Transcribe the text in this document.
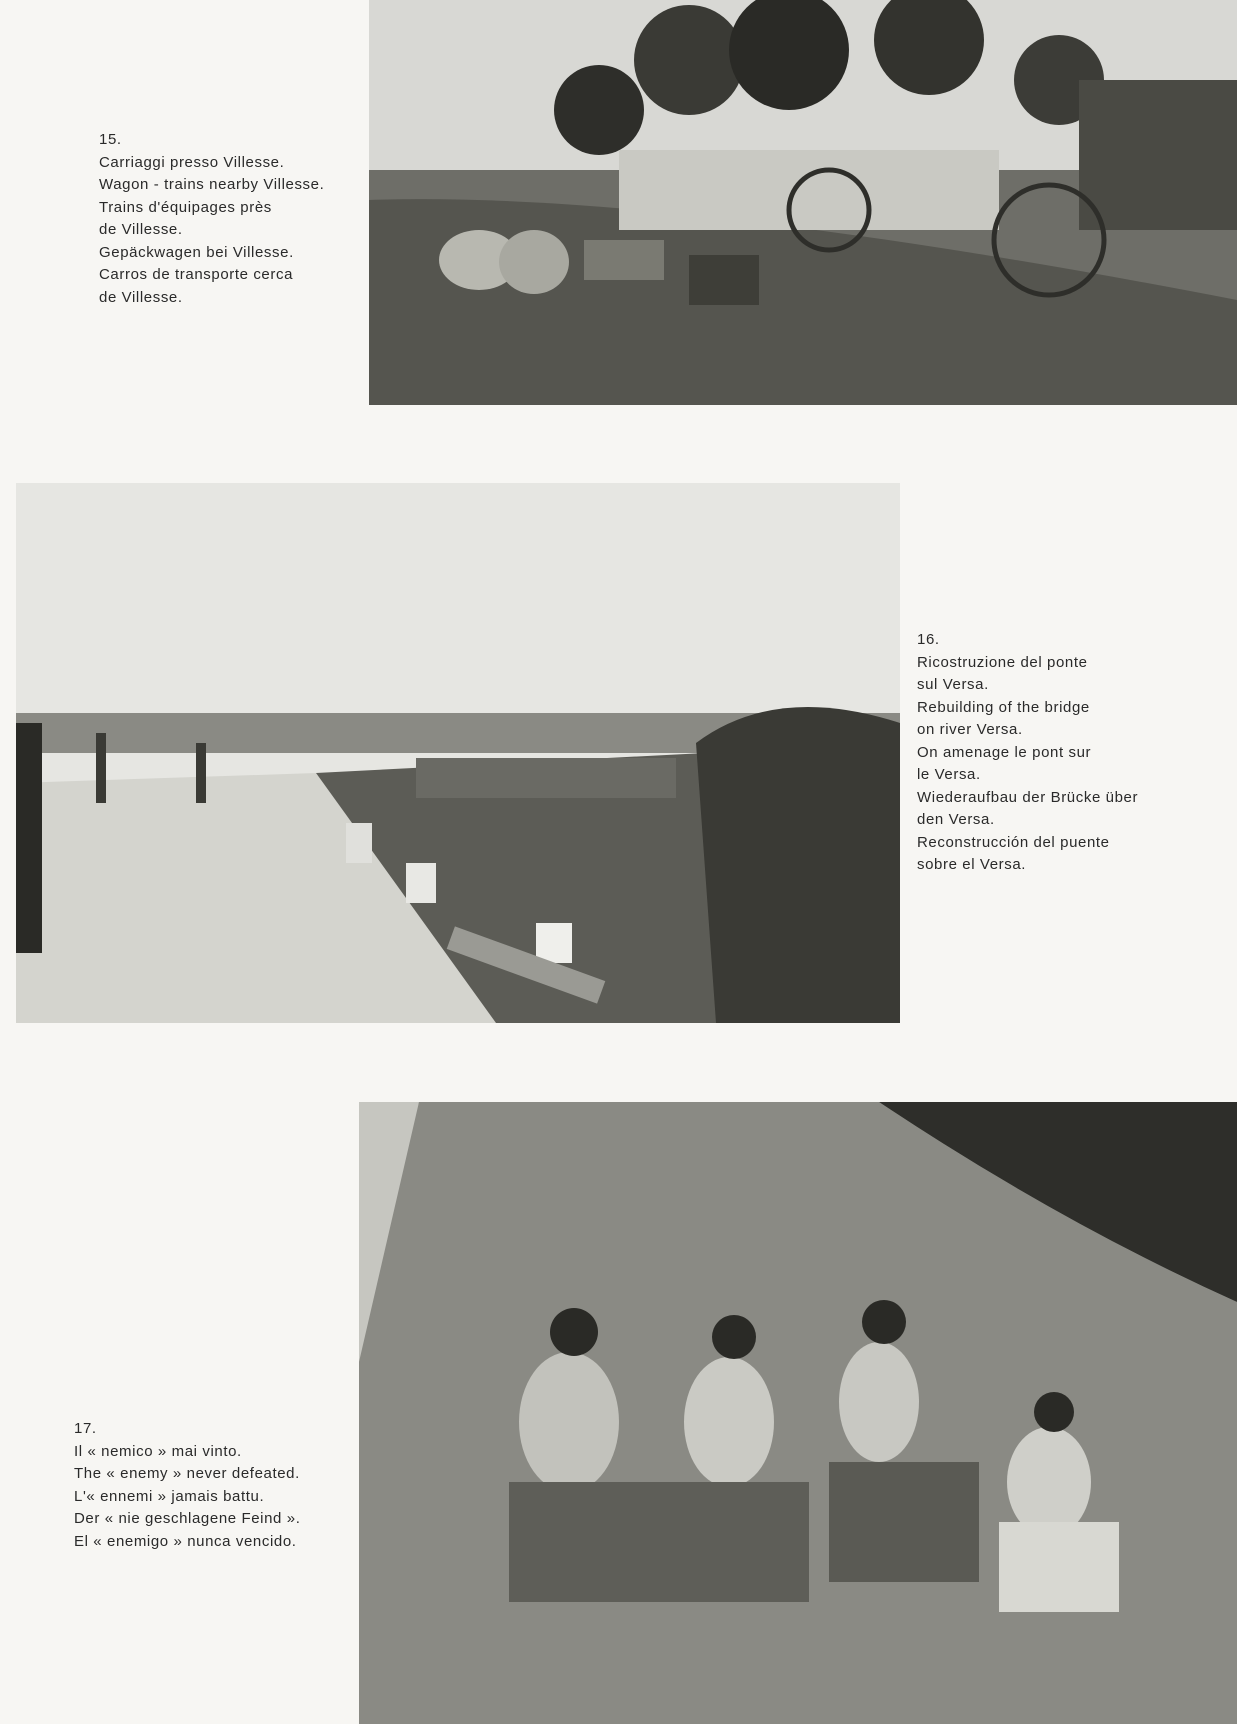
15.
Carriaggi presso Villesse.
Wagon - trains nearby Villesse.
Trains d'équipages près
de Villesse.
Gepäckwagen bei Villesse.
Carros de transporte cerca
de Villesse.
16.
Ricostruzione del ponte
sul Versa.
Rebuilding of the bridge
on river Versa.
On amenage le pont sur
le Versa.
Wiederaufbau der Brücke über
den Versa.
Reconstrucción del puente
sobre el Versa.
17.
Il « nemico » mai vinto.
The « enemy » never defeated.
L'« ennemi » jamais battu.
Der « nie geschlagene Feind ».
El « enemigo » nunca vencido.
